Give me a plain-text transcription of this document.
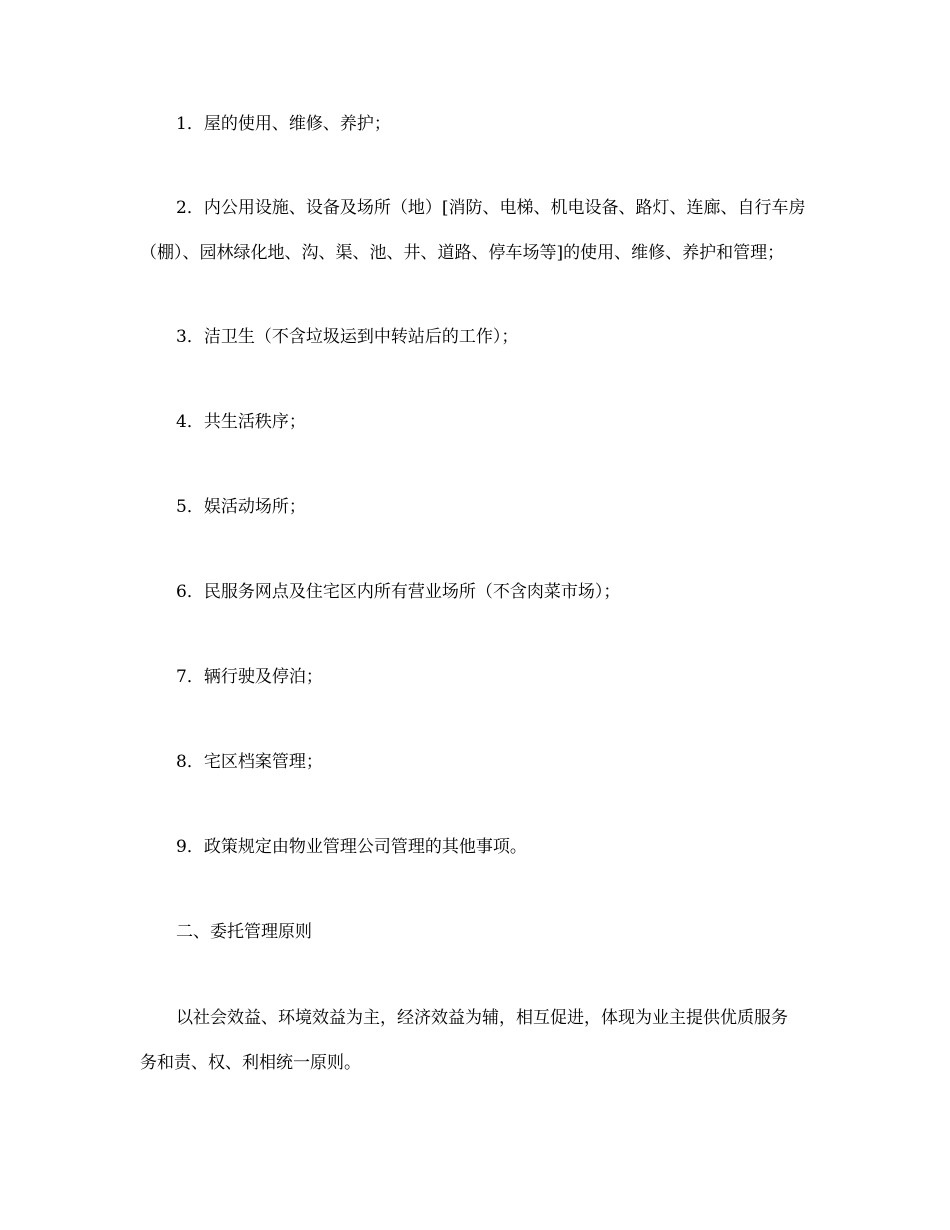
1．屋的使用、维修、养护；

2．内公用设施、设备及场所（地）[消防、电梯、机电设备、路灯、连廊、自行车房
（棚）、园林绿化地、沟、渠、池、井、道路、停车场等]的使用、维修、养护和管理；

3．洁卫生（不含垃圾运到中转站后的工作）；

4．共生活秩序；

5．娱活动场所；

6．民服务网点及住宅区内所有营业场所（不含肉菜市场）；

7．辆行驶及停泊；

8．宅区档案管理；

9．政策规定由物业管理公司管理的其他事项。

二、委托管理原则

以社会效益、环境效益为主，经济效益为辅，相互促进，体现为业主提供优质服务
务和责、权、利相统一原则。
